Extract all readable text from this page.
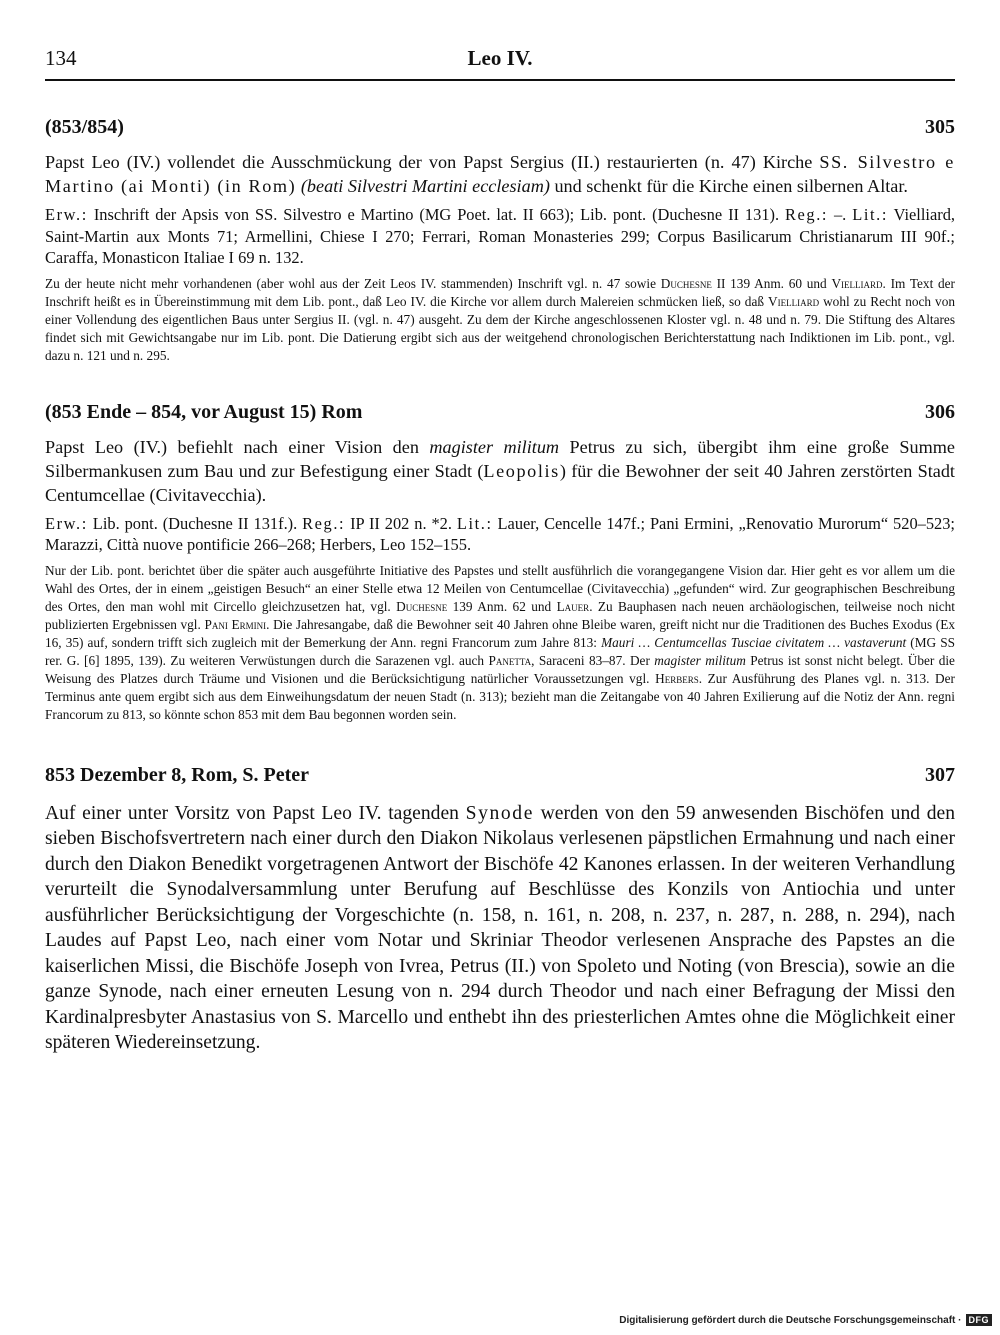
134	Leo IV.
(853/854)	305

Papst Leo (IV.) vollendet die Ausschmückung der von Papst Sergius (II.) restaurierten (n. 47) Kirche SS. Silvestro e Martino (ai Monti) (in Rom) (beati Silvestri Martini ecclesiam) und schenkt für die Kirche einen silbernen Altar.

Erw.: Inschrift der Apsis von SS. Silvestro e Martino (MG Poet. lat. II 663); Lib. pont. (Duchesne II 131). Reg.: –. Lit.: Vielliard, Saint-Martin aux Monts 71; Armellini, Chiese I 270; Ferrari, Roman Monasteries 299; Corpus Basilicarum Christianarum III 90f.; Caraffa, Monasticon Italiae I 69 n. 132.

Zu der heute nicht mehr vorhandenen (aber wohl aus der Zeit Leos IV. stammenden) Inschrift vgl. n. 47 sowie Duchesne II 139 Anm. 60 und Vielliard. Im Text der Inschrift heißt es in Übereinstimmung mit dem Lib. pont., daß Leo IV. die Kirche vor allem durch Malereien schmücken ließ, so daß Vielliard wohl zu Recht noch von einer Vollendung des eigentlichen Baus unter Sergius II. (vgl. n. 47) ausgeht. Zu dem der Kirche angeschlossenen Kloster vgl. n. 48 und n. 79. Die Stiftung des Altares findet sich mit Gewichtsangabe nur im Lib. pont. Die Datierung ergibt sich aus der weitgehend chronologischen Berichterstattung nach Indiktionen im Lib. pont., vgl. dazu n. 121 und n. 295.

(853 Ende – 854, vor August 15) Rom	306

Papst Leo (IV.) befiehlt nach einer Vision den magister militum Petrus zu sich, übergibt ihm eine große Summe Silbermankusen zum Bau und zur Befestigung einer Stadt (Leopolis) für die Bewohner der seit 40 Jahren zerstörten Stadt Centumcellae (Civitavecchia).

Erw.: Lib. pont. (Duchesne II 131f.). Reg.: IP II 202 n. *2. Lit.: Lauer, Cencelle 147f.; Pani Ermini, „Renovatio Murorum“ 520–523; Marazzi, Città nuove pontificie 266–268; Herbers, Leo 152–155.

Nur der Lib. pont. berichtet über die später auch ausgeführte Initiative des Papstes und stellt ausführlich die vorangegangene Vision dar. Hier geht es vor allem um die Wahl des Ortes, der in einem „geistigen Besuch“ an einer Stelle etwa 12 Meilen von Centumcellae (Civitavecchia) „gefunden“ wird. Zur geographischen Beschreibung des Ortes, den man wohl mit Circello gleichzusetzen hat, vgl. Duchesne 139 Anm. 62 und Lauer. Zu Bauphasen nach neuen archäologischen, teilweise noch nicht publizierten Ergebnissen vgl. Pani Ermini. Die Jahresangabe, daß die Bewohner seit 40 Jahren ohne Bleibe waren, greift nicht nur die Traditionen des Buches Exodus (Ex 16, 35) auf, sondern trifft sich zugleich mit der Bemerkung der Ann. regni Francorum zum Jahre 813: Mauri … Centumcellas Tusciae civitatem … vastaverunt (MG SS rer. G. [6] 1895, 139). Zu weiteren Verwüstungen durch die Sarazenen vgl. auch Panetta, Saraceni 83–87. Der magister militum Petrus ist sonst nicht belegt. Über die Weisung des Platzes durch Träume und Visionen und die Berücksichtigung natürlicher Voraussetzungen vgl. Herbers. Zur Ausführung des Planes vgl. n. 313. Der Terminus ante quem ergibt sich aus dem Einweihungsdatum der neuen Stadt (n. 313); bezieht man die Zeitangabe von 40 Jahren Exilierung auf die Notiz der Ann. regni Francorum zu 813, so könnte schon 853 mit dem Bau begonnen worden sein.

853 Dezember 8, Rom, S. Peter	307

Auf einer unter Vorsitz von Papst Leo IV. tagenden Synode werden von den 59 anwesenden Bischöfen und den sieben Bischofsvertretern nach einer durch den Diakon Nikolaus verlesenen päpstlichen Ermahnung und nach einer durch den Diakon Benedikt vorgetragenen Antwort der Bischöfe 42 Kanones erlassen. In der weiteren Verhandlung verurteilt die Synodalversammlung unter Berufung auf Beschlüsse des Konzils von Antiochia und unter ausführlicher Berücksichtigung der Vorgeschichte (n. 158, n. 161, n. 208, n. 237, n. 287, n. 288, n. 294), nach Laudes auf Papst Leo, nach einer vom Notar und Skriniar Theodor verlesenen Ansprache des Papstes an die kaiserlichen Missi, die Bischöfe Joseph von Ivrea, Petrus (II.) von Spoleto und Noting (von Brescia), sowie an die ganze Synode, nach einer erneuten Lesung von n. 294 durch Theodor und nach einer Befragung der Missi den Kardinalpresbyter Anastasius von S. Marcello und enthebt ihn des priesterlichen Amtes ohne die Möglichkeit einer späteren Wiedereinsetzung.

Digitalisierung gefördert durch die Deutsche Forschungsgemeinschaft · DFG
